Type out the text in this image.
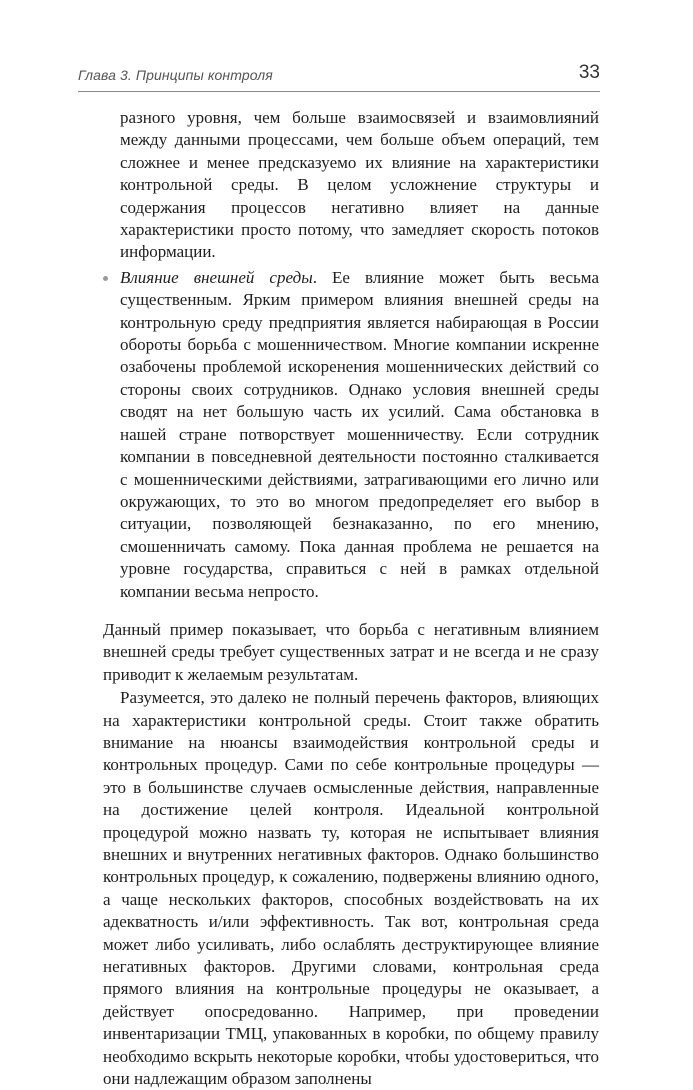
Глава 3. Принципы контроля	33

разного уровня, чем больше взаимосвязей и взаимовлияний между данными процессами, чем больше объем операций, тем сложнее и менее предсказуемо их влияние на характеристики контрольной среды. В целом усложнение структуры и содержания процессов негативно влияет на данные характеристики просто потому, что замедляет скорость потоков информации.

Влияние внешней среды. Ее влияние может быть весьма существенным. Ярким примером влияния внешней среды на контрольную среду предприятия является набирающая в России обороты борьба с мошенничеством. Многие компании искренне озабочены проблемой искоренения мошеннических действий со стороны своих сотрудников. Однако условия внешней среды сводят на нет большую часть их усилий. Сама обстановка в нашей стране потворствует мошенничеству. Если сотрудник компании в повседневной деятельности постоянно сталкивается с мошенническими действиями, затрагивающими его лично или окружающих, то это во многом предопределяет его выбор в ситуации, позволяющей безнаказанно, по его мнению, смошенничать самому. Пока данная проблема не решается на уровне государства, справиться с ней в рамках отдельной компании весьма непросто.

Данный пример показывает, что борьба с негативным влиянием внешней среды требует существенных затрат и не всегда и не сразу приводит к желаемым результатам.

Разумеется, это далеко не полный перечень факторов, влияющих на характеристики контрольной среды. Стоит также обратить внимание на нюансы взаимодействия контрольной среды и контрольных процедур. Сами по себе контрольные процедуры — это в большинстве случаев осмысленные действия, направленные на достижение целей контроля. Идеальной контрольной процедурой можно назвать ту, которая не испытывает влияния внешних и внутренних негативных факторов. Однако большинство контрольных процедур, к сожалению, подвержены влиянию одного, а чаще нескольких факторов, способных воздействовать на их адекватность и/или эффективность. Так вот, контрольная среда может либо усиливать, либо ослаблять деструктирующее влияние негативных факторов. Другими словами, контрольная среда прямого влияния на контрольные процедуры не оказывает, а действует опосредованно. Например, при проведении инвентаризации ТМЦ, упакованных в коробки, по общему правилу необходимо вскрыть некоторые коробки, чтобы удостовериться, что они надлежащим образом заполнены
